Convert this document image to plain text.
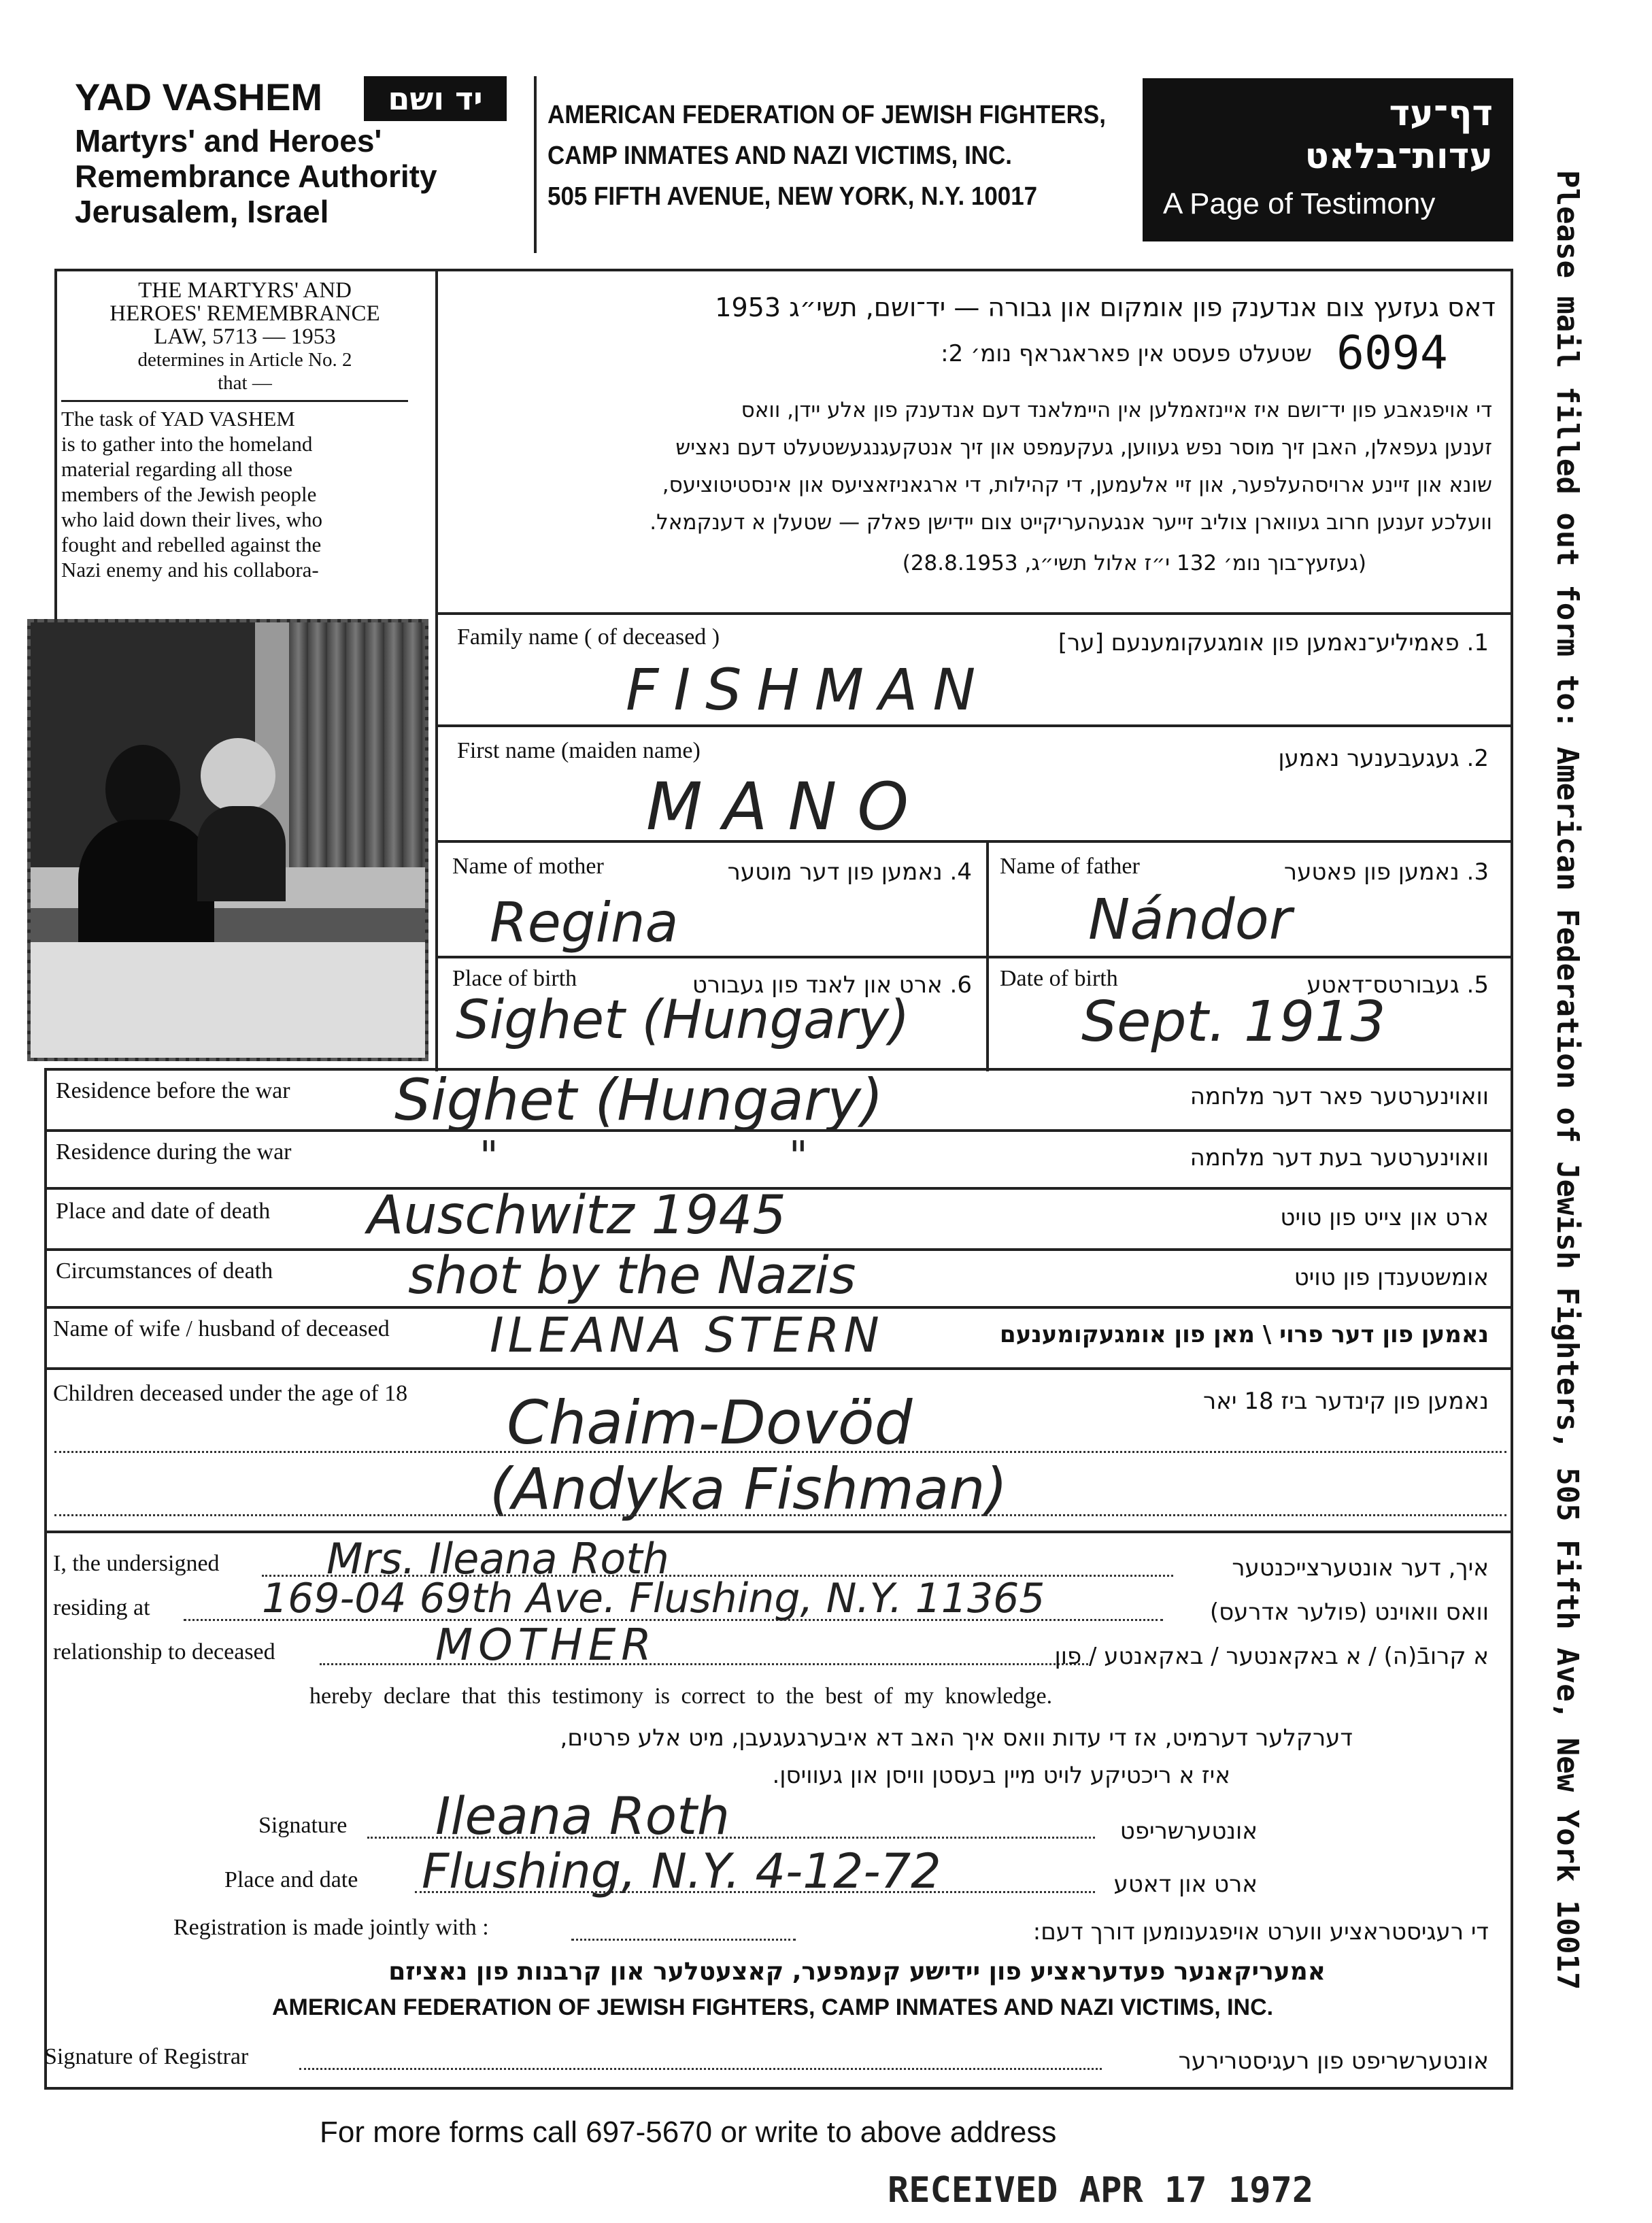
YAD VASHEM	יד ושם
Martyrs' and Heroes'
Remembrance Authority
Jerusalem, Israel
AMERICAN FEDERATION OF JEWISH FIGHTERS,
CAMP INMATES AND NAZI VICTIMS, INC.
505 FIFTH AVENUE, NEW YORK, N.Y. 10017
דף־עד
עדות־בלאט
A Page of Testimony	Please mail filled out form to: American Federation of Jewish Fighters, 505 Fifth Ave, New York 10017
THE MARTYRS' AND
HEROES' REMEMBRANCE
LAW, 5713 — 1953
determines in Article No. 2
that —
The task of YAD VASHEM
is to gather into the homeland
material regarding all those
members of the Jewish people
who laid down their lives, who
fought and rebelled against the
Nazi enemy and his collabora-
דאס געזעץ צום אנדענק פון אומקום און גבורה — יד־ושם, תשי״ג 1953
שטעלט פעסט אין פאראגראף נומ׳ 2: 6094
די אויפגאבע פון יד־ושם איז איינזאמלען אין היימלאנד דעם אנדענק פון אלע יידן, וואס
זענען געפאלן, האבן זיך מוסר נפש געווען, געקעמפט און זיך אנטקעגנגעשטעלט דעם נאציש
שונא און זיינע ארויסהעלפער, און זיי אלעמען, די קהילות, די ארגאניזאציעס און אינסטיטוציעס,
וועלכע זענען חרוב געווארן צוליב זייער אנגעהעריקייט צום יידישן פאלק — שטעלן א דענקמאל.
(געזעץ־בוך נומ׳ 132 י״ז אלול תשי״ג, 28.8.1953)
Family name ( of deceased )	1. פאמיליע־נאמען פון אומגעקומענעם [ער]
FISHMAN
First name (maiden name)	2. געגעבענער נאמען
MANO
Name of mother	4. נאמען פון דער מוטער
Regina
Name of father	3. נאמען פון פאטער
Nándor
Place of birth	6. ארט און לאנד פון געבורט
Sighet (Hungary)
Date of birth	5. געבורטס־דאטע
Sept. 1913
Residence before the war	וואוינערטער פאר דער מלחמה
Sighet (Hungary)
Residence during the war	וואוינערטער בעת דער מלחמה
"	"
Place and date of death	ארט און צייט פון טויט
Auschwitz 1945
Circumstances of death	אומשטענדן פון טויט
shot by the Nazis
Name of wife / husband of deceased	נאמען פון דער פרוי \ מאן פון אומגעקומענעם
ILEANA STERN
Children deceased under the age of 18	נאמען פון קינדער ביז 18 יאר
Chaim-Dovöd
(Andyka Fishman)
I, the undersigned	איך, דער אונטערצייכנטער
Mrs. Ileana Roth
residing at	וואס וואוינט (פולער אדרעס)
169-04 69th Ave. Flushing, N.Y. 11365
relationship to deceased	א קרובֿ(ה) / א באקאנטער / באקאנטע / פון
MOTHER
hereby declare that this testimony is correct to the best of my knowledge.
דערקלער דערמיט, אז די עדות וואס איך האב דא איבערגעגעבן, מיט אלע פרטים,
איז א ריכטיקע לויט מיין בעסטן וויסן און געוויסן.
Signature	אונטערשריפט
Ileana Roth
Place and date	ארט און דאטע
Flushing, N.Y. 4-12-72
Registration is made jointly with :	די רעגיסטראציע ווערט אויפגענומען דורך דעם:
אמעריקאנער פעדעראציע פון יידישע קעמפער, קאצעטלער און קרבנות פון נאציזם
AMERICAN FEDERATION OF JEWISH FIGHTERS, CAMP INMATES AND NAZI VICTIMS, INC.
Signature of Registrar	אונטערשריפט פון רעגיסטרירער
For more forms call 697-5670 or write to above address
RECEIVED APR 17 1972
